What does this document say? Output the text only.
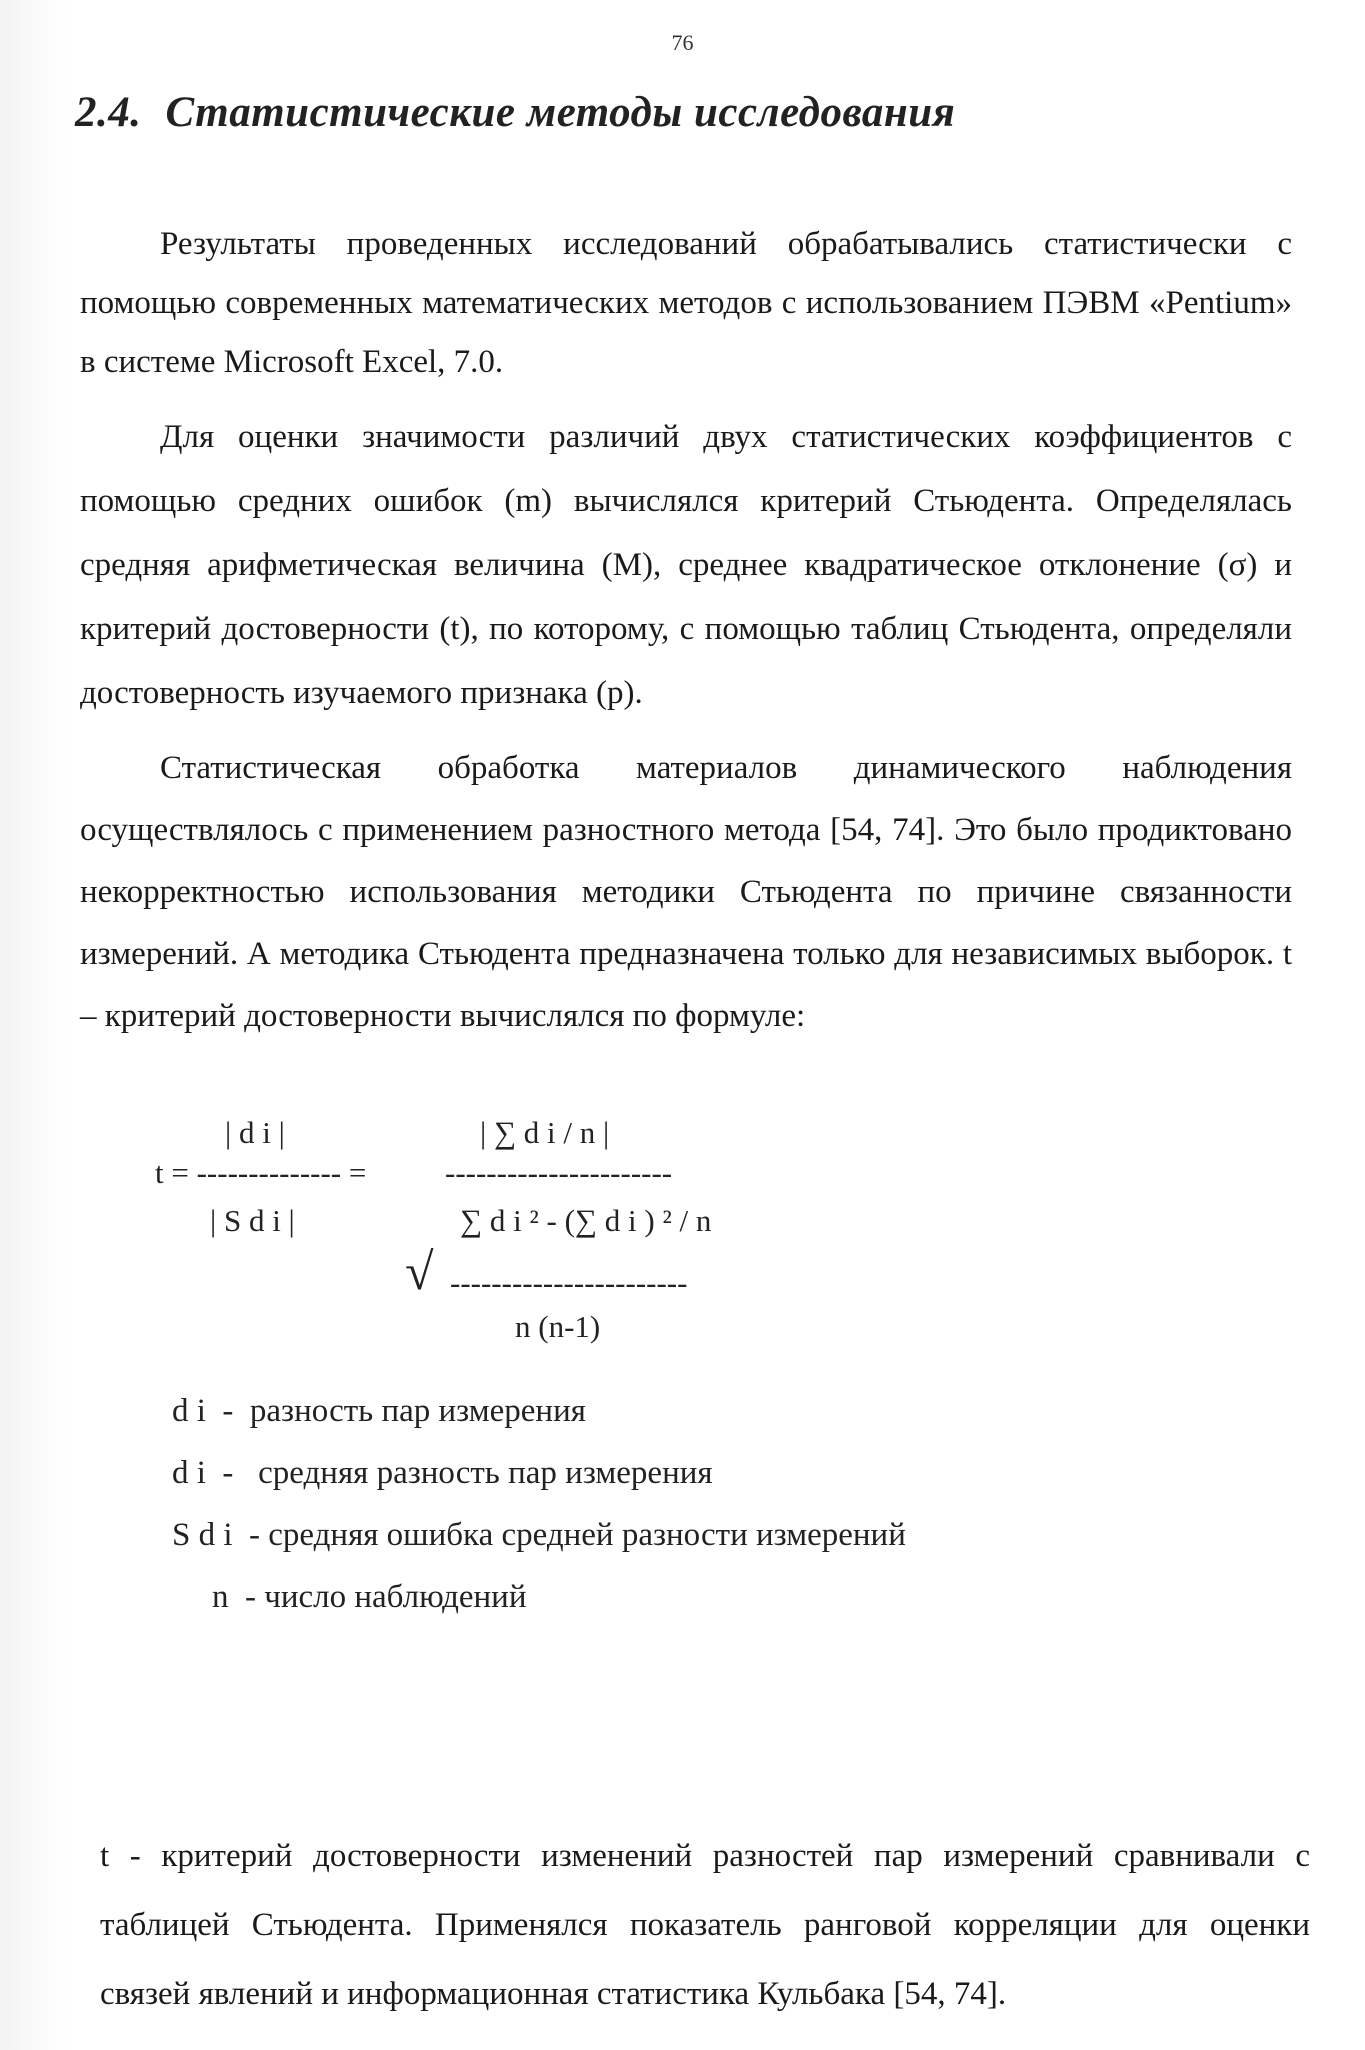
76
2.4. Статистические методы исследования

Результаты проведенных исследований обрабатывались статистически с помощью современных математических методов с использованием ПЭВМ «Pentium» в системе Microsoft Excel, 7.0.

Для оценки значимости различий двух статистических коэффициентов с помощью средних ошибок (m) вычислялся критерий Стьюдента. Определялась средняя арифметическая величина (М), среднее квадратическое отклонение (σ) и критерий достоверности (t), по которому, с помощью таблиц Стьюдента, определяли достоверность изучаемого признака (р).

Статистическая обработка материалов динамического наблюдения осуществлялось с применением разностного метода [54, 74]. Это было продиктовано некорректностью использования методики Стьюдента по причине связанности измерений. А методика Стьюдента предназначена только для независимых выборок. t – критерий достоверности вычислялся по формуле:

| d i |
t = -------------- =
| S d i |
| ∑ d i / n |
----------------------
∑ d i ² - (∑ d i ) ² / n
√ -----------------------
n (n-1)

d i  -  разность пар измерения

d i  -   средняя разность пар измерения

S d i  - средняя ошибка средней разности измерений

n  - число наблюдений

t - критерий достоверности изменений разностей пар измерений сравнивали с таблицей Стьюдента. Применялся показатель ранговой корреляции для оценки связей явлений и информационная статистика Кульбака [54, 74].
